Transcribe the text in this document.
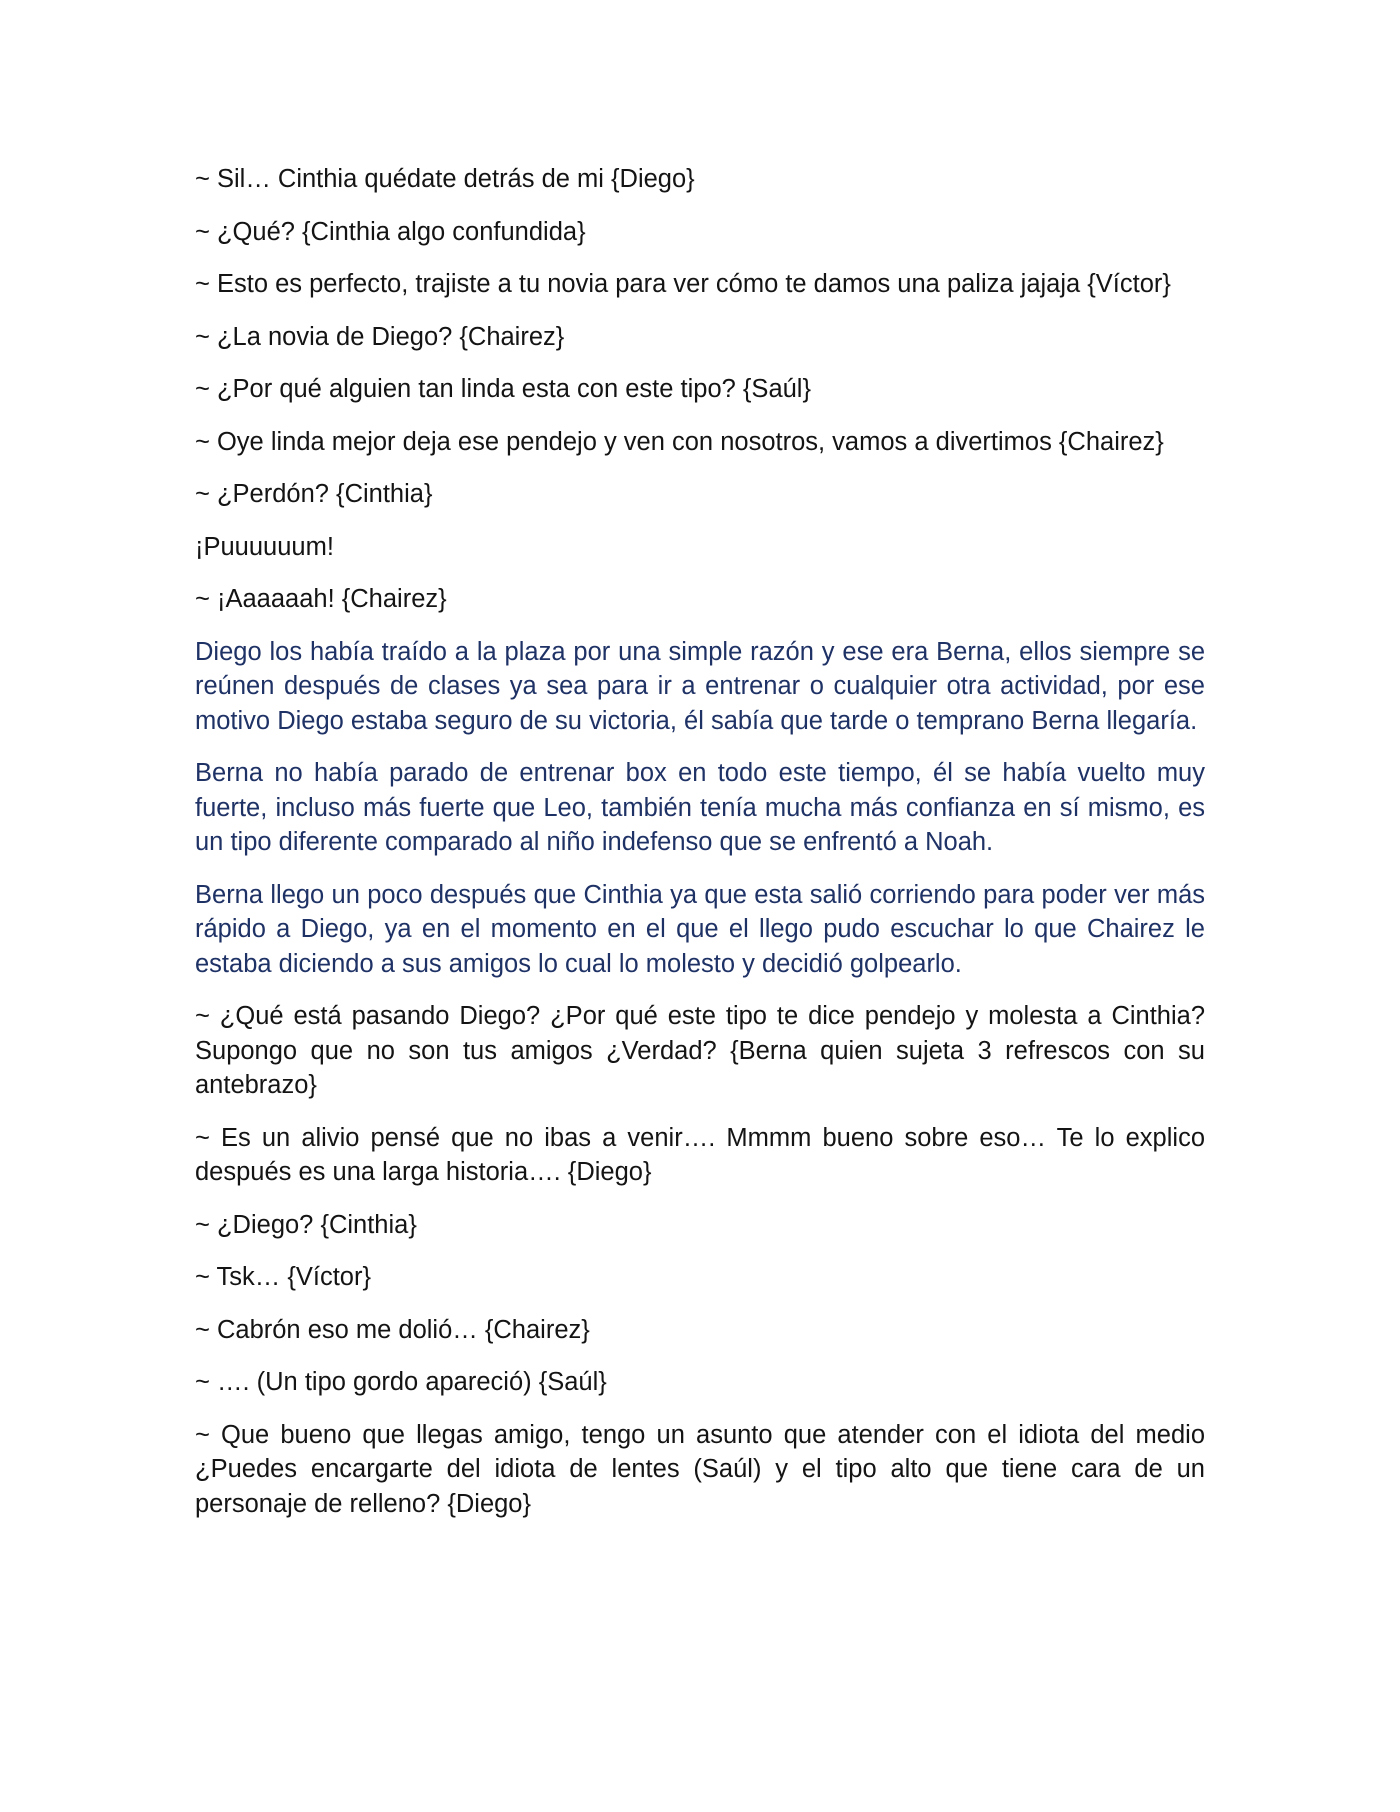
~ Sil… Cinthia quédate detrás de mi {Diego}

~ ¿Qué? {Cinthia algo confundida}

~ Esto es perfecto, trajiste a tu novia para ver cómo te damos una paliza jajaja {Víctor}

~ ¿La novia de Diego? {Chairez}

~ ¿Por qué alguien tan linda esta con este tipo? {Saúl}

~ Oye linda mejor deja ese pendejo y ven con nosotros, vamos a divertimos {Chairez}

~ ¿Perdón? {Cinthia}

¡Puuuuuum!

~ ¡Aaaaaah! {Chairez}

Diego los había traído a la plaza por una simple razón y ese era Berna, ellos siempre se reúnen después de clases ya sea para ir a entrenar o cualquier otra actividad, por ese motivo Diego estaba seguro de su victoria, él sabía que tarde o temprano Berna llegaría.

Berna no había parado de entrenar box en todo este tiempo, él se había vuelto muy fuerte, incluso más fuerte que Leo, también tenía mucha más confianza en sí mismo, es un tipo diferente comparado al niño indefenso que se enfrentó a Noah.

Berna llego un poco después que Cinthia ya que esta salió corriendo para poder ver más rápido a Diego, ya en el momento en el que el llego pudo escuchar lo que Chairez le estaba diciendo a sus amigos lo cual lo molesto y decidió golpearlo.

~ ¿Qué está pasando Diego? ¿Por qué este tipo te dice pendejo y molesta a Cinthia? Supongo que no son tus amigos ¿Verdad? {Berna quien sujeta 3 refrescos con su antebrazo}

~ Es un alivio pensé que no ibas a venir…. Mmmm bueno sobre eso… Te lo explico después es una larga historia…. {Diego}

~ ¿Diego? {Cinthia}

~ Tsk… {Víctor}

~ Cabrón eso me dolió… {Chairez}

~ …. (Un tipo gordo apareció) {Saúl}

~ Que bueno que llegas amigo, tengo un asunto que atender con el idiota del medio ¿Puedes encargarte del idiota de lentes (Saúl) y el tipo alto que tiene cara de un personaje de relleno? {Diego}
